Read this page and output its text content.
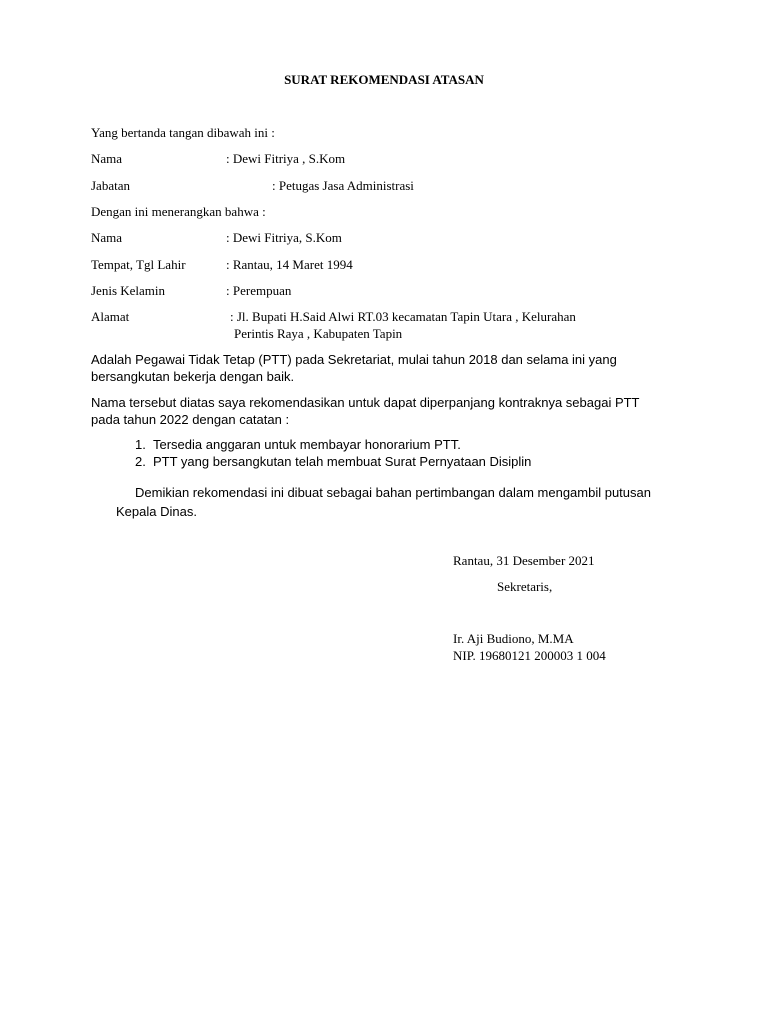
SURAT REKOMENDASI ATASAN
Yang bertanda tangan dibawah ini :
Nama	: Dewi Fitriya , S.Kom
Jabatan	: Petugas Jasa Administrasi
Dengan ini menerangkan bahwa :
Nama	: Dewi Fitriya, S.Kom
Tempat, Tgl Lahir	: Rantau, 14 Maret 1994
Jenis Kelamin	: Perempuan
Alamat	: Jl. Bupati H.Said Alwi RT.03 kecamatan Tapin Utara , Kelurahan
Perintis Raya , Kabupaten Tapin

Adalah Pegawai Tidak Tetap (PTT) pada Sekretariat, mulai tahun 2018 dan selama ini yang

bersangkutan bekerja dengan baik.

Nama tersebut diatas saya rekomendasikan untuk dapat diperpanjang kontraknya sebagai PTT

pada tahun 2022 dengan catatan :

1. Tersedia anggaran untuk membayar honorarium PTT.
2. PTT yang bersangkutan telah membuat Surat Pernyataan Disiplin
Demikian rekomendasi ini dibuat sebagai bahan pertimbangan dalam mengambil putusan
Kepala Dinas.
Rantau, 31 Desember 2021
Sekretaris,
Ir. Aji Budiono, M.MA
NIP. 19680121 200003 1 004
